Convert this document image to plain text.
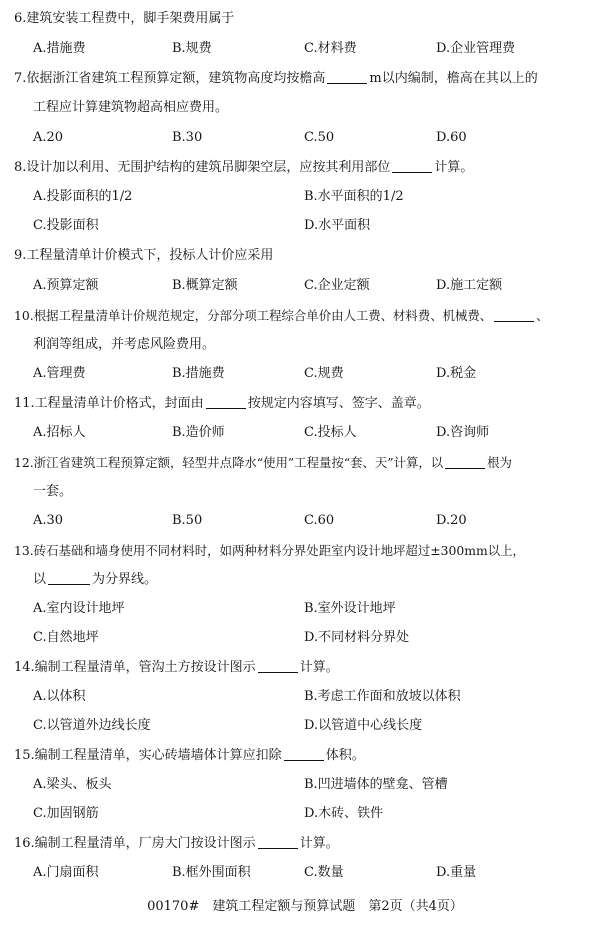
6.建筑安装工程费中，脚手架费用属于
A.措施费	B.规费	C.材料费	D.企业管理费
7.依据浙江省建筑工程预算定额，建筑物高度均按檐高	m以内编制，檐高在其以上的
工程应计算建筑物超高相应费用。
A.20	B.30	C.50	D.60
8.设计加以利用、无围护结构的建筑吊脚架空层，应按其利用部位	计算。
A.投影面积的1/2	B.水平面积的1/2
C.投影面积	D.水平面积
9.工程量清单计价模式下，投标人计价应采用
A.预算定额	B.概算定额	C.企业定额	D.施工定额
10.根据工程量清单计价规范规定，分部分项工程综合单价由人工费、材料费、机械费、	、
利润等组成，并考虑风险费用。
A.管理费	B.措施费	C.规费	D.税金
11.工程量清单计价格式，封面由	按规定内容填写、签字、盖章。
A.招标人	B.造价师	C.投标人	D.咨询师
12.浙江省建筑工程预算定额，轻型井点降水“使用”工程量按“套、天”计算，以	根为
一套。
A.30	B.50	C.60	D.20
13.砖石基础和墙身使用不同材料时，如两种材料分界处距室内设计地坪超过±300mm以上，
以	为分界线。
A.室内设计地坪	B.室外设计地坪
C.自然地坪	D.不同材料分界处
14.编制工程量清单，管沟土方按设计图示	计算。
A.以体积	B.考虑工作面和放坡以体积
C.以管道外边线长度	D.以管道中心线长度
15.编制工程量清单，实心砖墙墙体计算应扣除	体积。
A.梁头、板头	B.凹进墙体的壁龛、管槽
C.加固钢筋	D.木砖、铁件
16.编制工程量清单，厂房大门按设计图示	计算。
A.门扇面积	B.框外围面积	C.数量	D.重量
00170#　建筑工程定额与预算试题　第2页（共4页）
